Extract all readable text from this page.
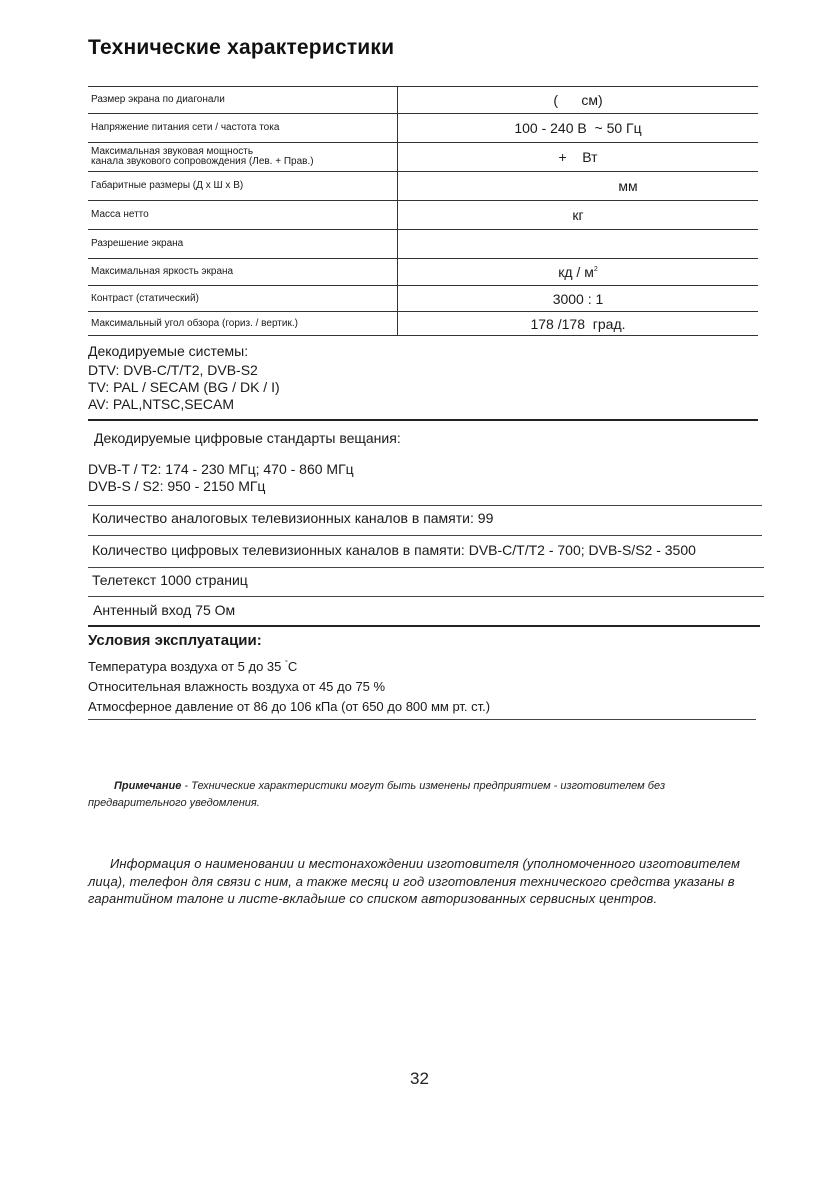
Технические характеристики
Размер экрана по диагонали	(      см)
Напряжение питания сети / частота тока	100 - 240 В  ~ 50 Гц

Максимальная звуковая мощность
канала звукового сопровождения (Лев. + Прав.)	+    Вт
Габаритные размеры (Д х Ш х В)	мм
Масса нетто	кг
Разрешение экрана	
Максимальная яркость экрана	кд / $м^2$
Контраст (статический)	3000 : 1
Максимальный угол обзора (гориз. / вертик.)	178 /178  град.
Декодируемые системы:
DTV: DVB-C/T/T2, DVB-S2
TV: PAL / SECAM (BG / DK / I)
AV: PAL,NTSC,SECAM
Декодируемые цифровые стандарты вещания:
DVB-T / T2: 174 - 230 МГц; 470 - 860 МГц
DVB-S / S2: 950 - 2150 МГц
Количество аналоговых телевизионных каналов в памяти: 99
Количество цифровых телевизионных каналов в памяти: DVB-C/T/T2 - 700; DVB-S/S2 - 3500
Телетекст 1000 страниц
Антенный вход 75 Ом
Условия эксплуатации:
Температура воздуха от 5 до 35 °C
Относительная влажность воздуха от 45 до 75 %
Атмосферное давление от 86 до 106 кПа (от 650 до 800 мм рт. ст.)
Примечание - Технические характеристики могут быть изменены предприятием - изготовителем без предварительного уведомления.
Информация о наименовании и местонахождении изготовителя (уполномоченного изготовителем лица), телефон для связи с ним, а также месяц и год изготовления технического средства указаны в гарантийном талоне и листе-вкладыше со списком авторизованных сервисных центров.
32
